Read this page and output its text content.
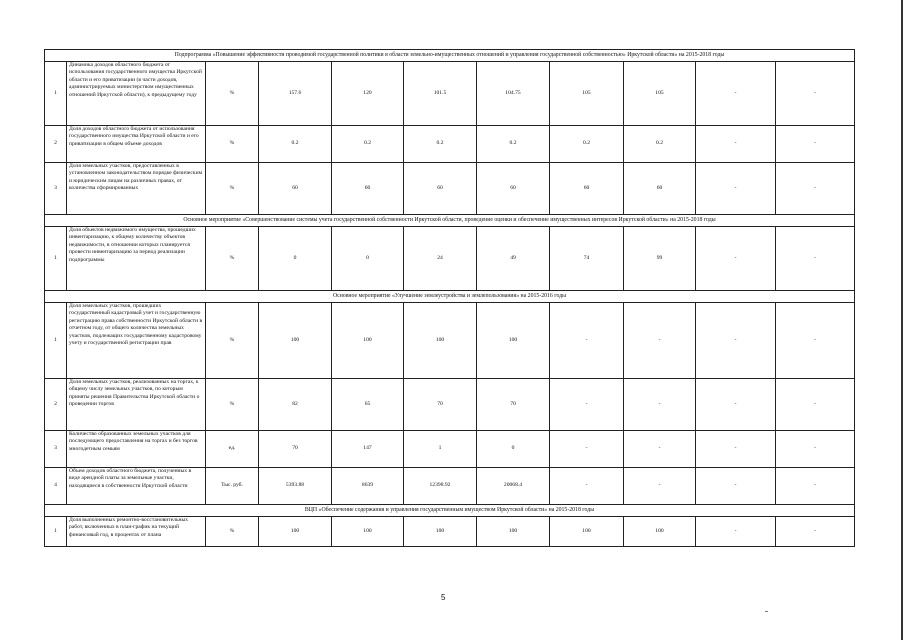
Подпрограмма «Повышение эффективности проводимой государственной политики в области земельно-имущественных отношений и управления государственной собственностью» Иркутской области» на 2015-2018 годы										
1	Динамика доходов областного бюджета от использования государственного имущества Иркутской области и его приватизации (в части доходов, администрируемых министерством имущественных отношений Иркутской области), к предыдущему году	%	157.6	120	101.5	104.75	105	105	-	-
2	Доля доходов областного бюджета от использования государственного имущества Иркутской области и его приватизации в общем объеме доходов	%	0.2	0.2	0.2	0.2	0.2	0.2	-	-
3	Доля земельных участков, предоставленных в установленном законодательством порядке физическим и юридическим лицам на различных правах, от количества сформированных	%	60	60	60	60	60	60	-	-
Основное мероприятие «Совершенствование системы учета государственной собственности Иркутской области, проведение оценки и обеспечение имущественных интересов Иркутской области» на 2015-2018 годы										
1	Доля объектов недвижимого имущества, прошедших инвентаризацию, к общему количеству объектов недвижимости, в отношении которых планируется провести инвентаризацию за период реализации подпрограммы	%	0	0	24	49	74	99	-	-
Основное мероприятие «Улучшение землеустройства и землепользования» на 2015-2016 годы										
1	Доля земельных участков, прошедших государственный кадастровый учет и государственную регистрацию права собственности Иркутской области в отчетном году, от общего количества земельных участков, подлежащих государственному кадастровому учету и государственной регистрации прав	%	100	100	100	100	-	-	-	-
2	Доля земельных участков, реализованных на торгах, к общему числу земельных участков, по которым приняты решения Правительства Иркутской области о проведении торгов	%	82	65	70	70	-	-	-	-
3	Количество образованных земельных участков для последующего предоставления на торгах и без торгов многодетным семьям	ед.	70	147	1	0	-	-	-	-
4	Объем доходов областного бюджета, полученных в виде арендной платы за земельные участки, находящиеся в собственности Иркутской области	Тыс. руб.	5393.88	8639	12398.92	20068.4	-	-	-	-
ВЦП «Обеспечение содержания и управления государственным имуществом Иркутской области» на 2015-2018 годы										
1	Доля выполненных ремонтно-восстановительных работ, включенных в план-график на текущий финансовый год, в процентах от плана	%	100	100	100	100	100	100	-	-
5
